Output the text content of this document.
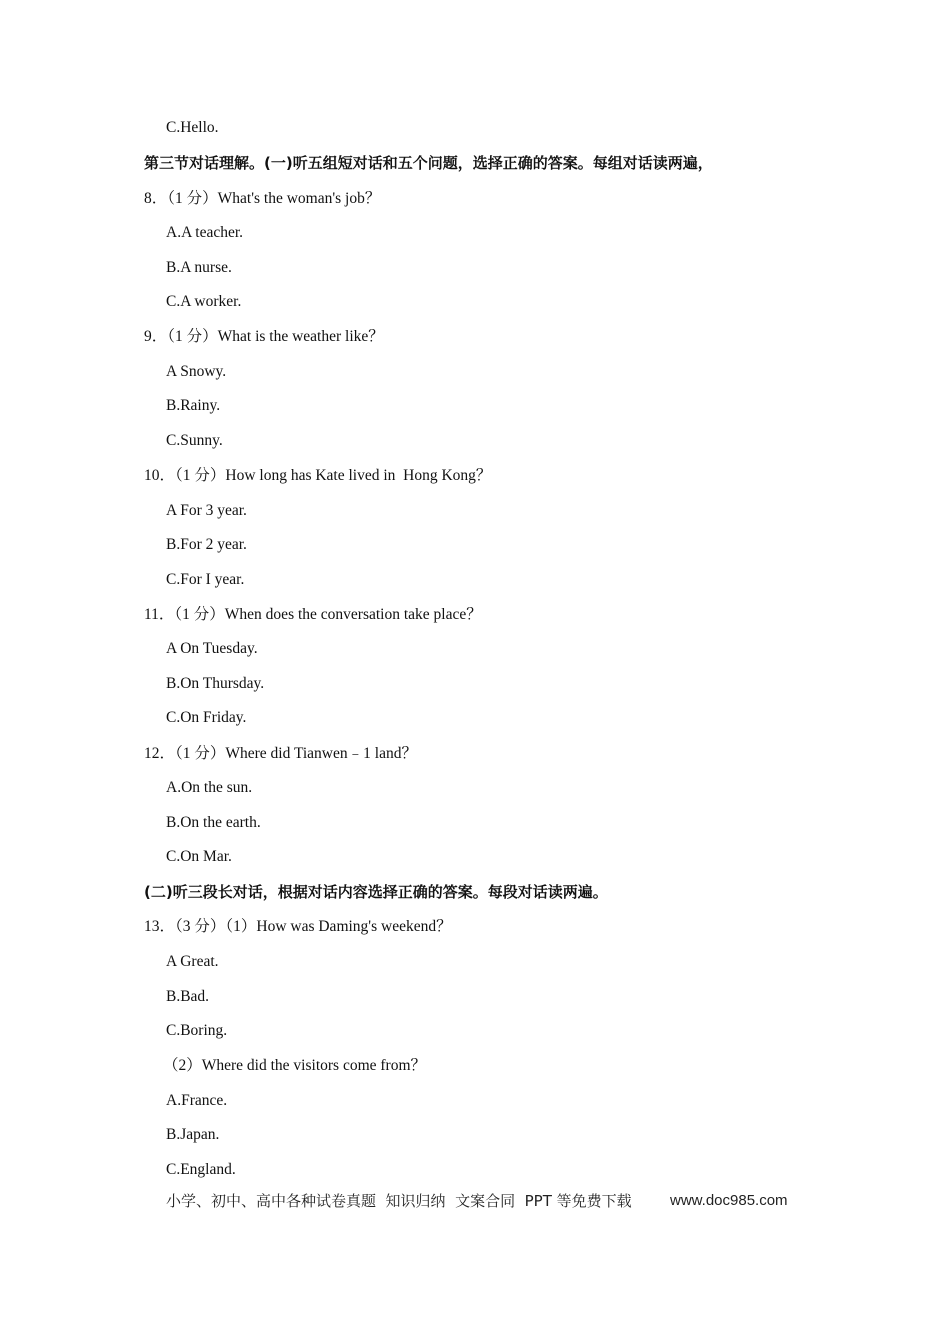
C.Hello.
第三节对话理解。(一)听五组短对话和五个问题，选择正确的答案。每组对话读两遍，
8．（1 分）What's the woman's job？
A.A teacher.
B.A nurse.
C.A worker.
9．（1 分）What is the weather like？
A Snowy.
B.Rainy.
C.Sunny.
10．（1 分）How long has Kate lived in  Hong Kong？
A For 3 year.
B.For 2 year.
C.For I year.
11．（1 分）When does the conversation take place？
A On Tuesday.
B.On Thursday.
C.On Friday.
12．（1 分）Where did Tianwen﹣1 land？
A.On the sun.
B.On the earth.
C.On Mar.
(二)听三段长对话，根据对话内容选择正确的答案。每段对话读两遍。
13．（3 分）（1）How was Daming's weekend？
A Great.
B.Bad.
C.Boring.
（2）Where did the visitors come from？
A.France.
B.Japan.
C.England.
小学、初中、高中各种试卷真题  知识归纳  文案合同  PPT 等免费下载	www.doc985.com
